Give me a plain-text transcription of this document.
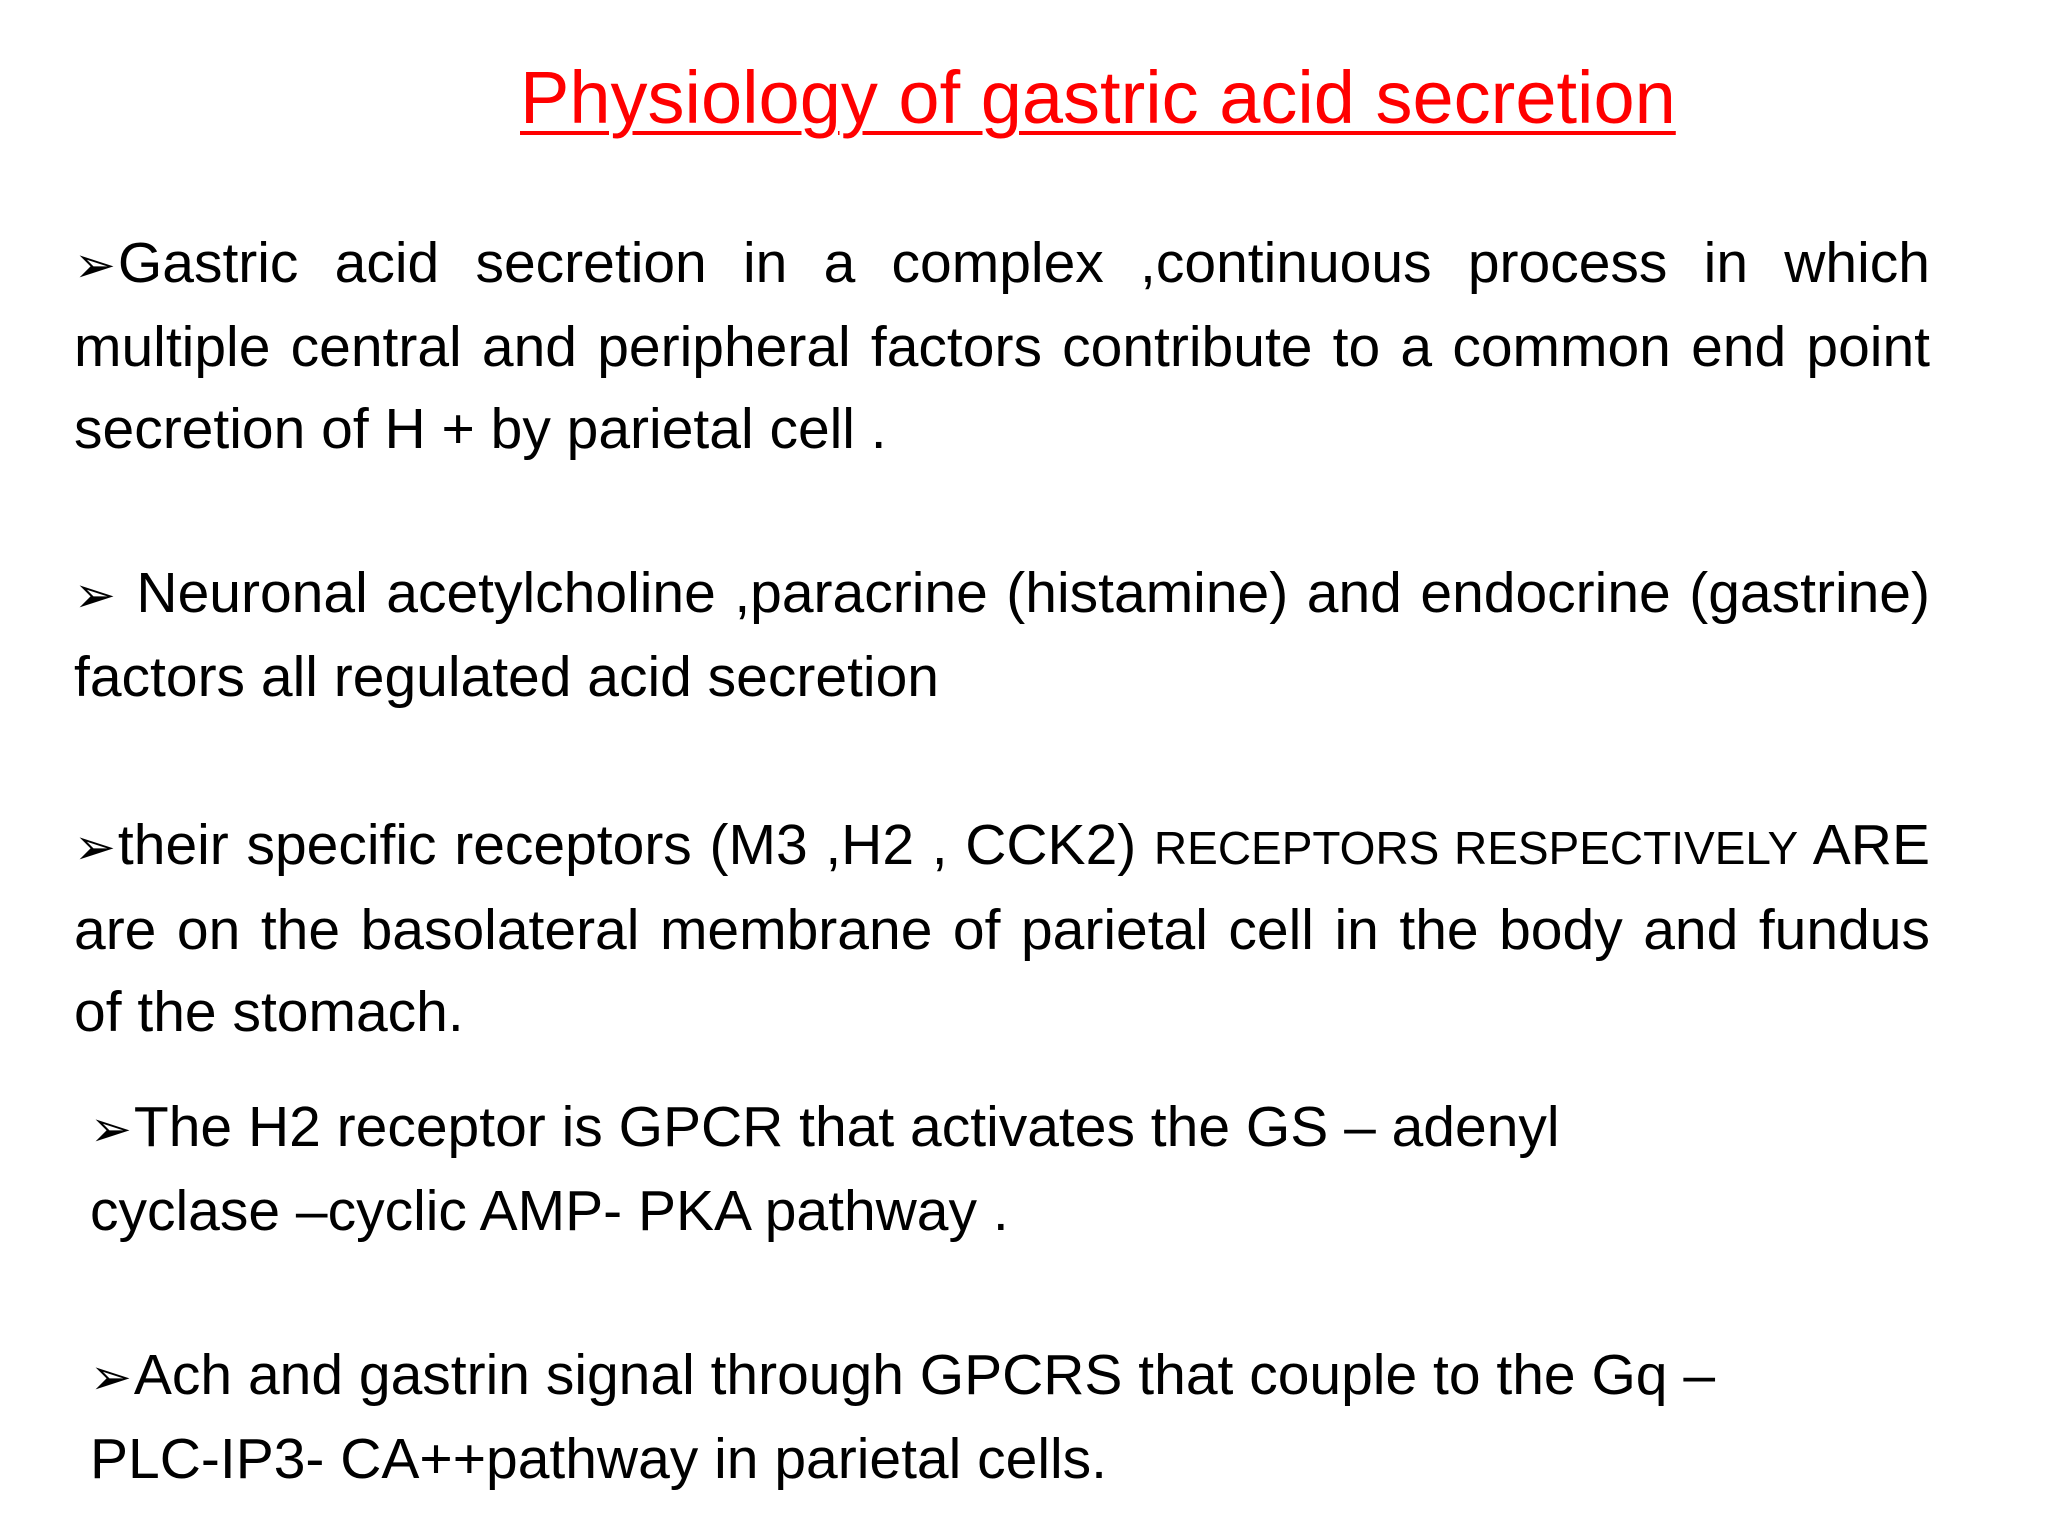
Physiology of gastric acid secretion
➢Gastric acid secretion in a complex ,continuous process in which multiple central and peripheral factors contribute to a common end point secretion of H + by parietal cell .
➢ Neuronal acetylcholine ,paracrine (histamine) and endocrine (gastrine) factors all regulated acid secretion
➢their specific receptors (M3 ,H2 , CCK2) RECEPTORS RESPECTIVELY ARE are on the basolateral membrane of parietal cell in the body and fundus of the stomach.
➢The H2 receptor is GPCR that activates the GS – adenyl cyclase –cyclic AMP- PKA pathway .
➢Ach and gastrin signal through GPCRS that couple to the Gq –PLC-IP3- CA++pathway in parietal cells.
